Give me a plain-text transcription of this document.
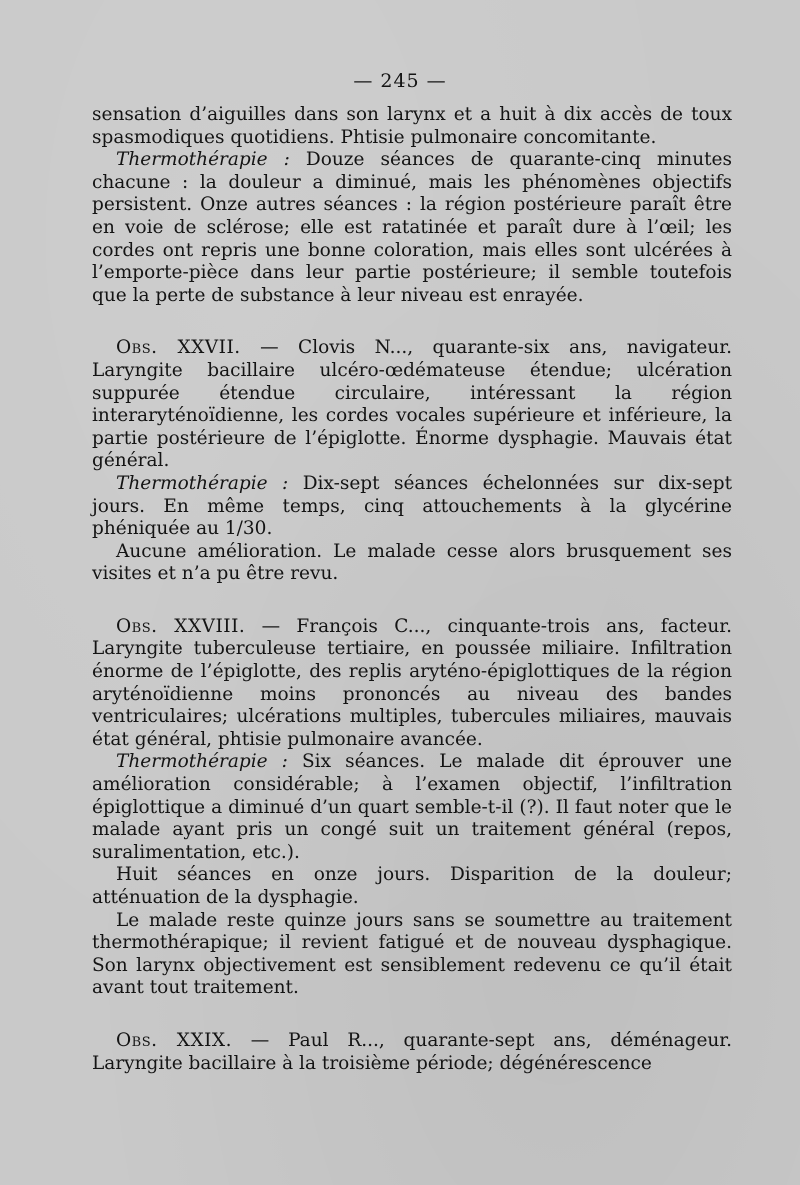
— 245 —

sensation d’aiguilles dans son larynx et a huit à dix accès de toux spasmodiques quotidiens. Phtisie pulmonaire concomitante.

Thermothérapie : Douze séances de quarante-cinq minutes chacune : la douleur a diminué, mais les phénomènes objectifs persistent. Onze autres séances : la région postérieure paraît être en voie de sclérose; elle est ratatinée et paraît dure à l’œil; les cordes ont repris une bonne coloration, mais elles sont ulcérées à l’emporte-pièce dans leur partie postérieure; il semble toutefois que la perte de substance à leur niveau est enrayée.

Obs. XXVII. — Clovis N..., quarante-six ans, navigateur. Laryngite bacillaire ulcéro-œdémateuse étendue; ulcération suppurée étendue circulaire, intéressant la région interaryténoïdienne, les cordes vocales supérieure et inférieure, la partie postérieure de l’épiglotte. Énorme dysphagie. Mauvais état général.

Thermothérapie : Dix-sept séances échelonnées sur dix-sept jours. En même temps, cinq attouchements à la glycérine phéniquée au 1/30.

Aucune amélioration. Le malade cesse alors brusquement ses visites et n’a pu être revu.

Obs. XXVIII. — François C..., cinquante-trois ans, facteur. Laryngite tuberculeuse tertiaire, en poussée miliaire. Infiltration énorme de l’épiglotte, des replis aryténo-épiglottiques de la région aryténoïdienne moins prononcés au niveau des bandes ventriculaires; ulcérations multiples, tubercules miliaires, mauvais état général, phtisie pulmonaire avancée.

Thermothérapie : Six séances. Le malade dit éprouver une amélioration considérable; à l’examen objectif, l’infiltration épiglottique a diminué d’un quart semble-t-il (?). Il faut noter que le malade ayant pris un congé suit un traitement général (repos, suralimentation, etc.).

Huit séances en onze jours. Disparition de la douleur; atténuation de la dysphagie.

Le malade reste quinze jours sans se soumettre au traitement thermothérapique; il revient fatigué et de nouveau dysphagique. Son larynx objectivement est sensiblement redevenu ce qu’il était avant tout traitement.

Obs. XXIX. — Paul R..., quarante-sept ans, déménageur. Laryngite bacillaire à la troisième période; dégénérescence
